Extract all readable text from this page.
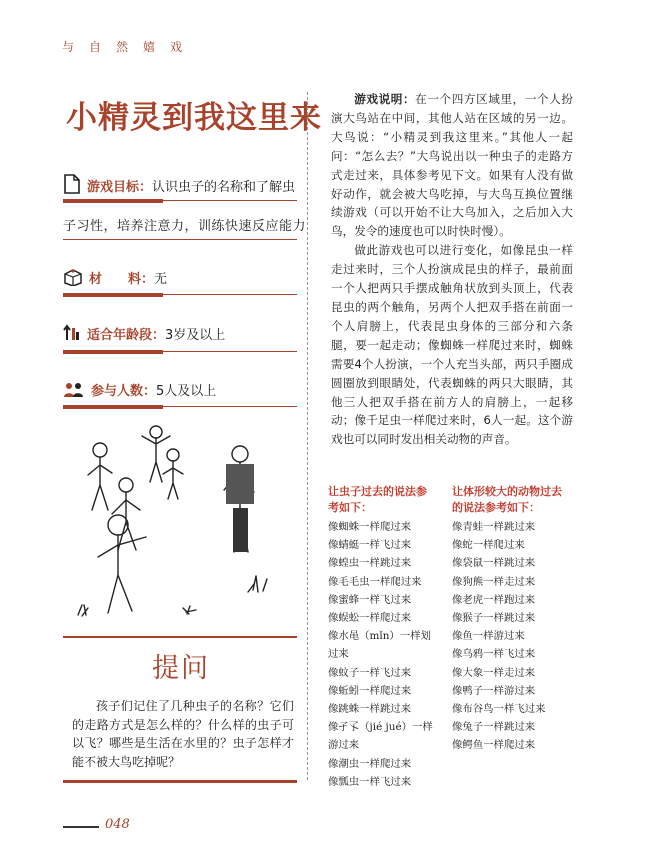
与自然嬉戏
小精灵到我这里来
游戏目标：认识虫子的名称和了解虫
子习性，培养注意力，训练快速反应能力
材　　料：无
适合年龄段：3岁及以上
参与人数：5人及以上
提问

孩子们记住了几种虫子的名称？它们的走路方式是怎么样的？什么样的虫子可以飞？哪些是生活在水里的？虫子怎样才能不被大鸟吃掉呢？

游戏说明：在一个四方区域里，一个人扮演大鸟站在中间，其他人站在区域的另一边。大鸟说：“小精灵到我这里来。”其他人一起问：“怎么去？”大鸟说出以一种虫子的走路方式走过来，具体参考见下文。如果有人没有做好动作，就会被大鸟吃掉，与大鸟互换位置继续游戏（可以开始不让大鸟加入，之后加入大鸟，发令的速度也可以时快时慢）。

做此游戏也可以进行变化，如像昆虫一样走过来时，三个人扮演成昆虫的样子，最前面一个人把两只手摆成触角状放到头顶上，代表昆虫的两个触角，另两个人把双手搭在前面一个人肩膀上，代表昆虫身体的三部分和六条腿，要一起走动；像蜘蛛一样爬过来时，蜘蛛需要4个人扮演，一个人充当头部，两只手圈成圆圈放到眼睛处，代表蜘蛛的两只大眼睛，其他三人把双手搭在前方人的肩膀上，一起移动；像千足虫一样爬过来时，6人一起。这个游戏也可以同时发出相关动物的声音。

让虫子过去的说法参考如下：
像蜘蛛一样爬过来
像蜻蜓一样飞过来
像蝗虫一样跳过来
像毛毛虫一样爬过来
像蜜蜂一样飞过来
像蜈蚣一样爬过来
像水黾（mǐn）一样划过来
像蚊子一样飞过来
像蚯蚓一样爬过来
像跳蛛一样跳过来
像孑孓（jié jué）一样游过来
像潮虫一样爬过来
像瓢虫一样飞过来
让体形较大的动物过去的说法参考如下：
像青蛙一样跳过来
像蛇一样爬过来
像袋鼠一样跳过来
像狗熊一样走过来
像老虎一样跑过来
像猴子一样跳过来
像鱼一样游过来
像乌鸦一样飞过来
像大象一样走过来
像鸭子一样游过来
像布谷鸟一样飞过来
像兔子一样跳过来
像鳄鱼一样爬过来
048
